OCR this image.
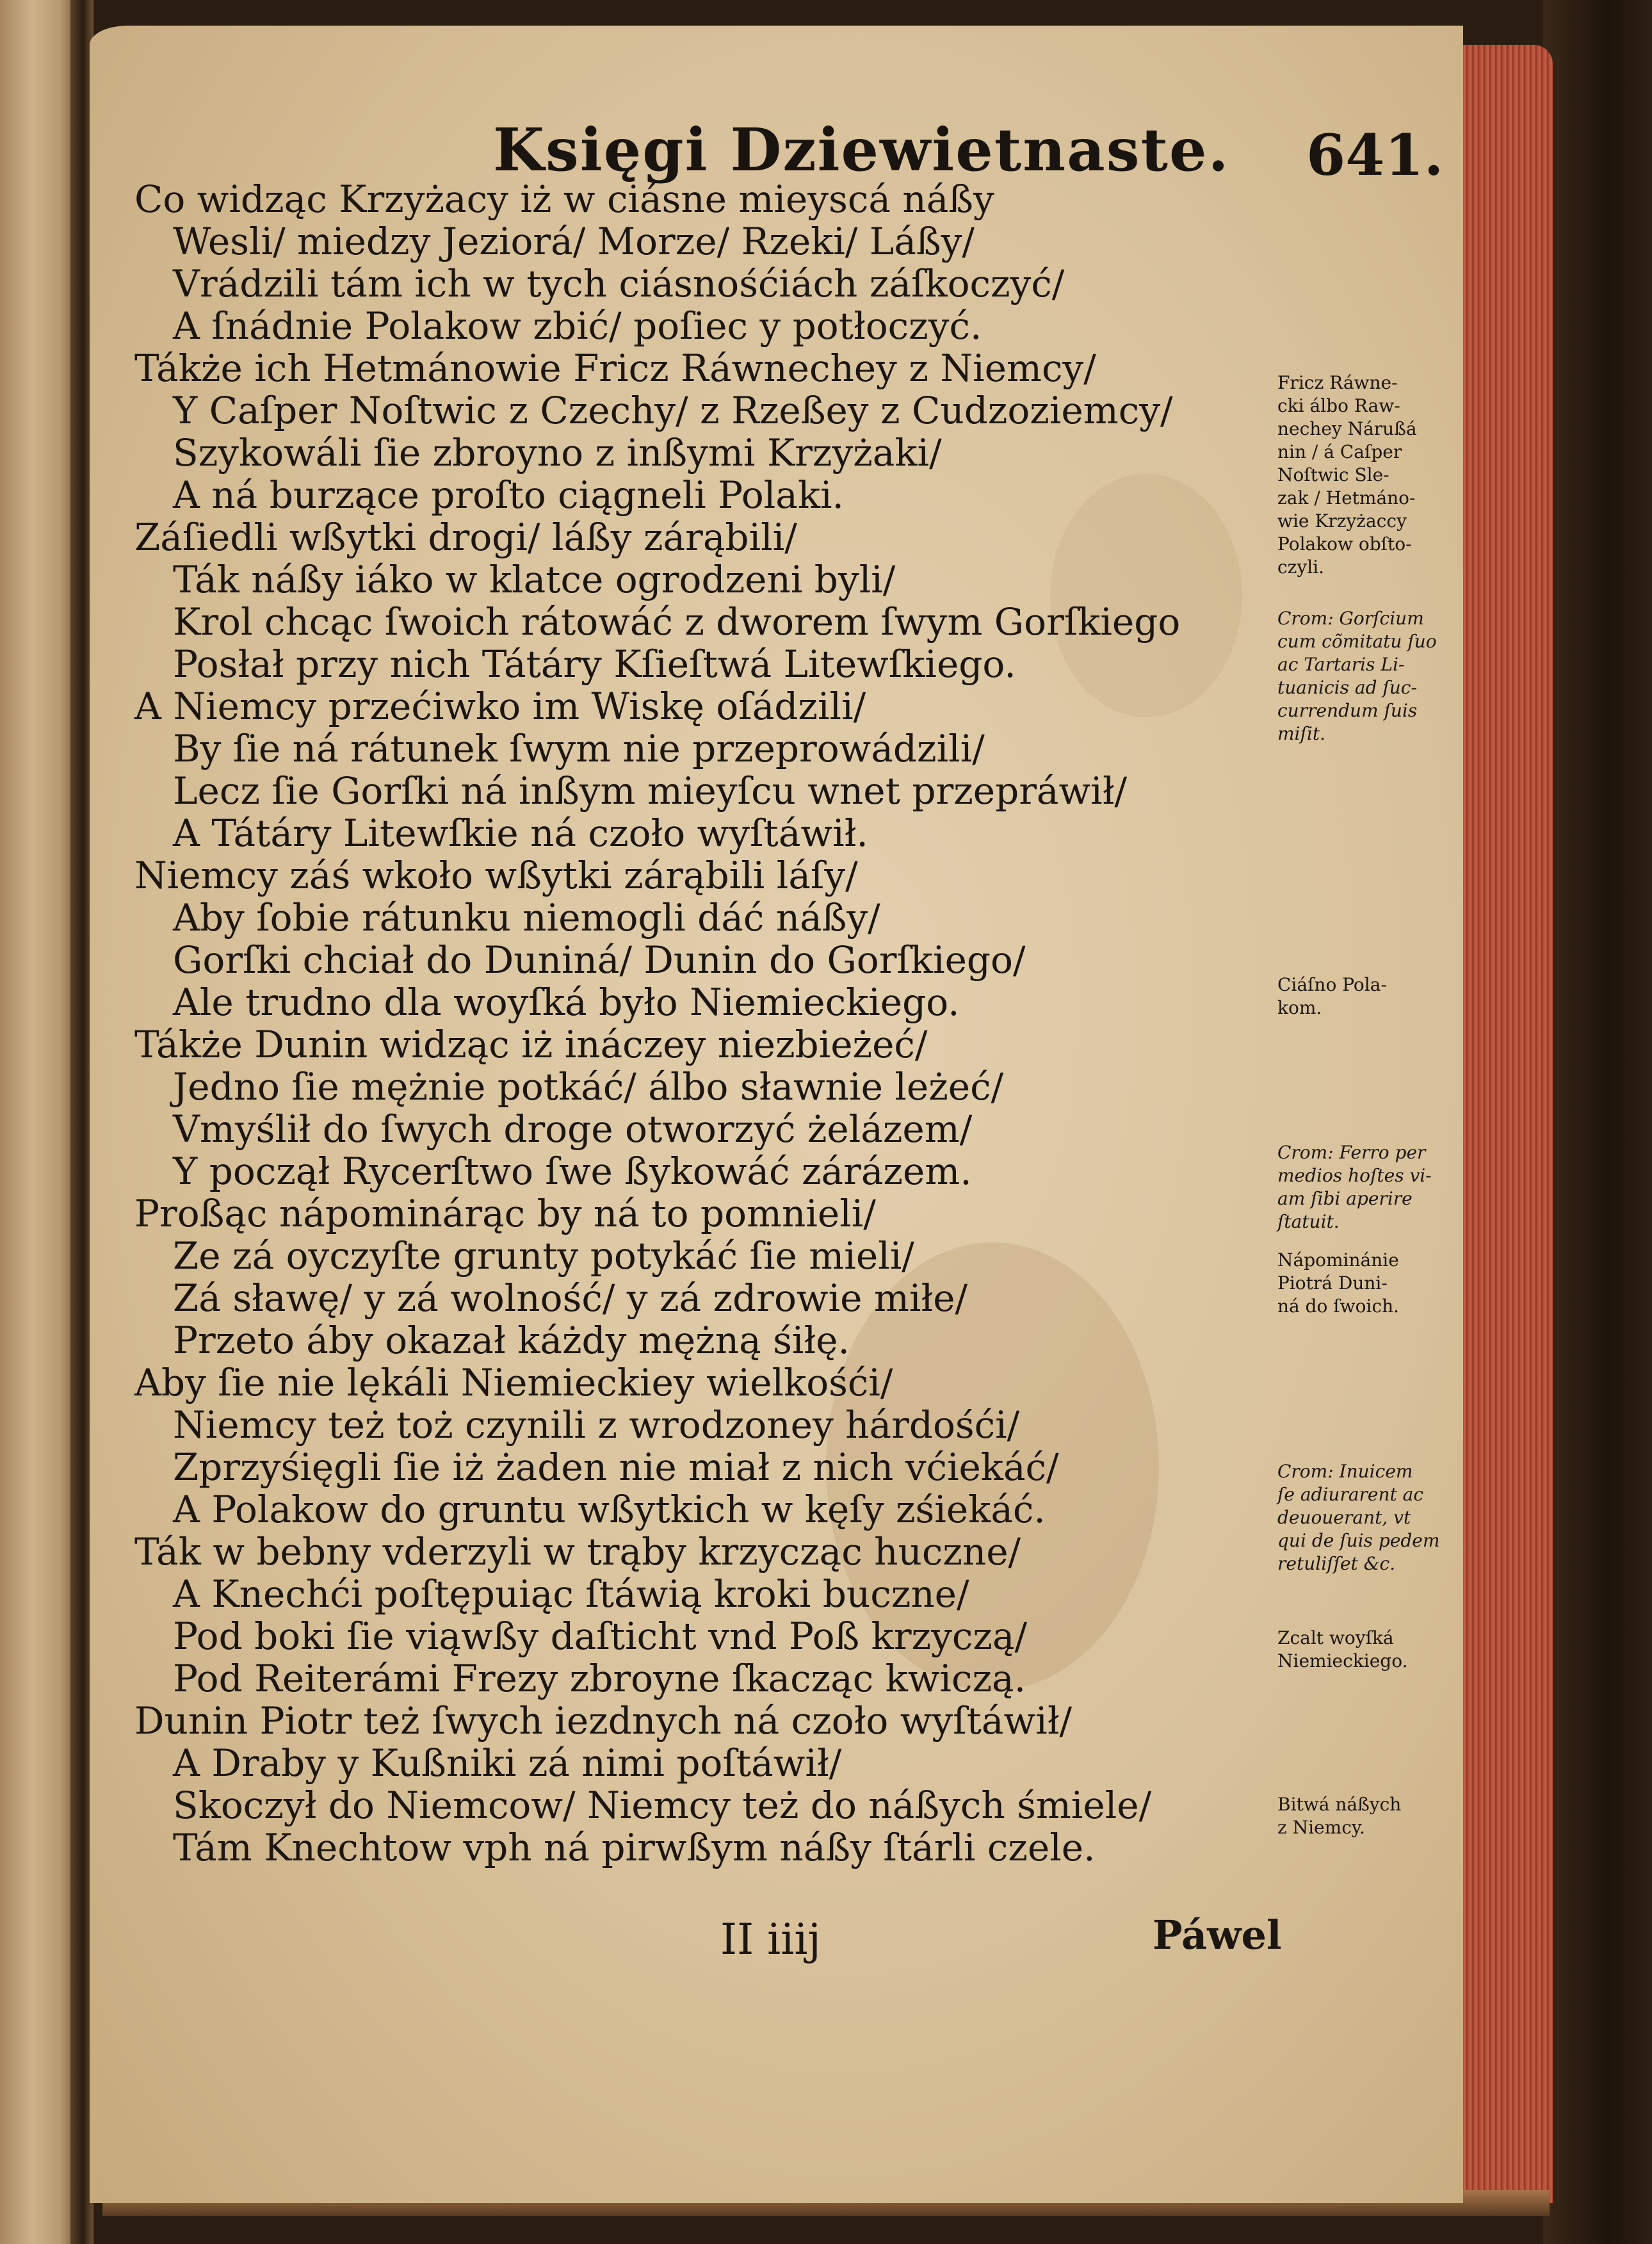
Księgi Dziewietnaste. 641.
Co widząc Krzyżacy iż w ciásne mieyscá náßy
Wesli/ miedzy Jeziorá/ Morze/ Rzeki/ Láßy/
Vrádzili tám ich w tych ciásnośćiách záſkoczyć/
A ſnádnie Polakow zbić/ poſiec y potłoczyć.
Tákże ich Hetmánowie Fricz Ráwnechey z Niemcy/
Y Caſper Noſtwic z Czechy/ z Rzeßey z Cudzoziemcy/
Szykowáli ſie zbroyno z inßymi Krzyżaki/
A ná burzące proſto ciągneli Polaki.
Záſiedli wßytki drogi/ láßy zárąbili/
Ták náßy iáko w klatce ogrodzeni byli/
Krol chcąc ſwoich rátowáć z dworem ſwym Gorſkiego
Posłał przy nich Tátáry Kſieſtwá Litewſkiego.
A Niemcy przećiwko im Wiskę oſádzili/
By ſie ná rátunek ſwym nie przeprowádzili/
Lecz ſie Gorſki ná inßym mieyſcu wnet przepráwił/
A Tátáry Litewſkie ná czoło wyſtáwił.
Niemcy záś wkoło wßytki zárąbili láſy/
Aby ſobie rátunku niemogli dáć náßy/
Gorſki chciał do Duniná/ Dunin do Gorſkiego/
Ale trudno dla woyſká było Niemieckiego.
Tákże Dunin widząc iż ináczey niezbieżeć/
Jedno ſie mężnie potkáć/ álbo sławnie leżeć/
Vmyślił do ſwych droge otworzyć żelázem/
Y począł Rycerſtwo ſwe ßykowáć zárázem.
Proßąc nápominárąc by ná to pomnieli/
Ze zá oyczyſte grunty potykáć ſie mieli/
Zá sławę/ y zá wolność/ y zá zdrowie miłe/
Przeto áby okazał káżdy mężną śiłę.
Aby ſie nie lękáli Niemieckiey wielkośći/
Niemcy też toż czynili z wrodzoney hárdośći/
Zprzyśięgli ſie iż żaden nie miał z nich vćiekáć/
A Polakow do gruntu wßytkich w kęſy zśiekáć.
Ták w bebny vderzyli w trąby krzycząc huczne/
A Knechći poſtępuiąc ſtáwią kroki buczne/
Pod boki ſie viąwßy daſticht vnd Poß krzyczą/
Pod Reiterámi Frezy zbroyne ſkacząc kwiczą.
Dunin Piotr też ſwych iezdnych ná czoło wyſtáwił/
A Draby y Kußniki zá nimi poſtáwił/
Skoczył do Niemcow/ Niemcy też do náßych śmiele/
Tám Knechtow vph ná pirwßym náßy ſtárli czele.
Fricz Ráwne-
cki álbo Raw-
nechey Nárußá
nin / á Caſper
Noſtwic Sle-
zak / Hetmáno-
wie Krzyżaccy
Polakow obſto-
czyli.
Crom: Gorſcium
cum cõmitatu ſuo
ac Tartaris Li-
tuanicis ad ſuc-
currendum ſuis
miſit.
Ciáſno Pola-
kom.
Crom: Ferro per
medios hoſtes vi-
am ſibi aperire
ſtatuit.
Nápominánie
Piotrá Duni-
ná do ſwoich.
Crom: Inuicem
ſe adiurarent ac
deuouerant, vt
qui de ſuis pedem
retuliſſet &c.
Zcalt woyſká
Niemieckiego.
Bitwá náßych
z Niemcy.
II iiij	Páwel
